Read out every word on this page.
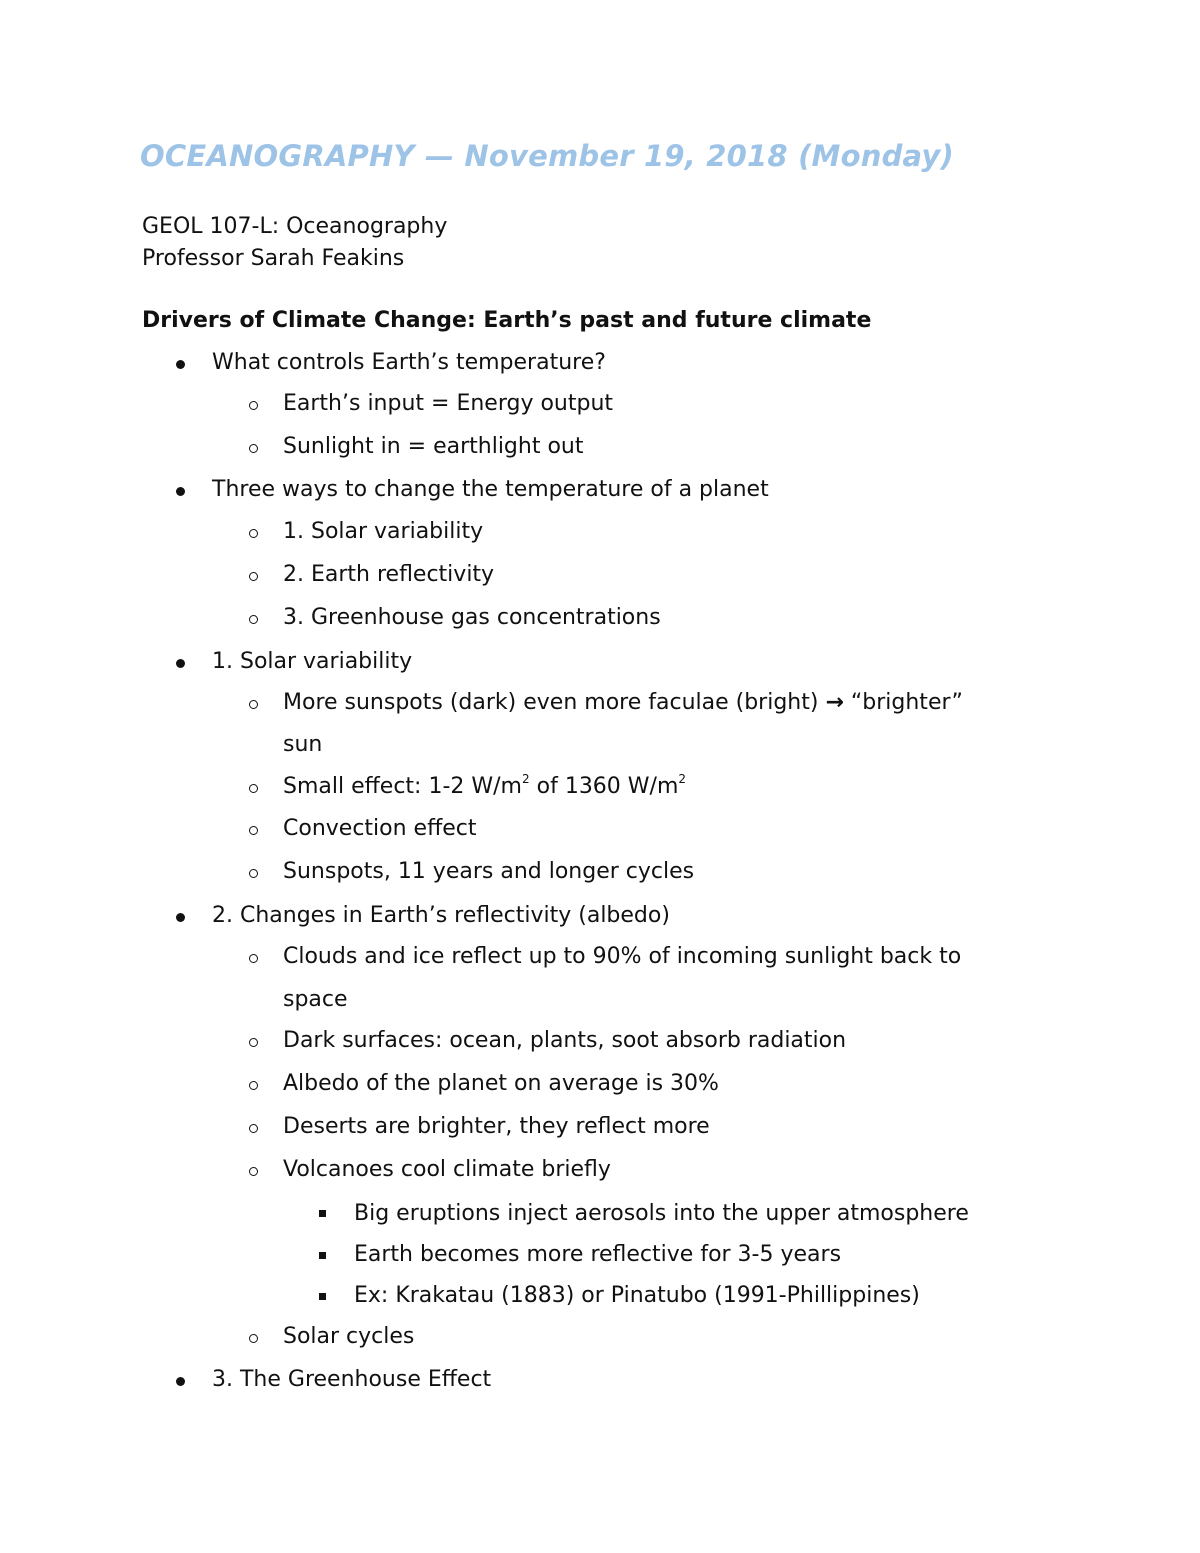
OCEANOGRAPHY — November 19, 2018 (Monday)
GEOL 107-L: Oceanography
Professor Sarah Feakins
Drivers of Climate Change: Earth’s past and future climate
What controls Earth’s temperature?
Earth’s input = Energy output
Sunlight in = earthlight out
Three ways to change the temperature of a planet
1. Solar variability
2. Earth reflectivity
3. Greenhouse gas concentrations
1. Solar variability
More sunspots (dark) even more faculae (bright) → “brighter”
sun
Small effect: 1-2 $W/m^2$ of 1360 $W/m^2$
Convection effect
Sunspots, 11 years and longer cycles
2. Changes in Earth’s reflectivity (albedo)
Clouds and ice reflect up to 90% of incoming sunlight back to
space
Dark surfaces: ocean, plants, soot absorb radiation
Albedo of the planet on average is 30%
Deserts are brighter, they reflect more
Volcanoes cool climate briefly
Big eruptions inject aerosols into the upper atmosphere
Earth becomes more reflective for 3-5 years
Ex: Krakatau (1883) or Pinatubo (1991-Phillippines)
Solar cycles
3. The Greenhouse Effect
